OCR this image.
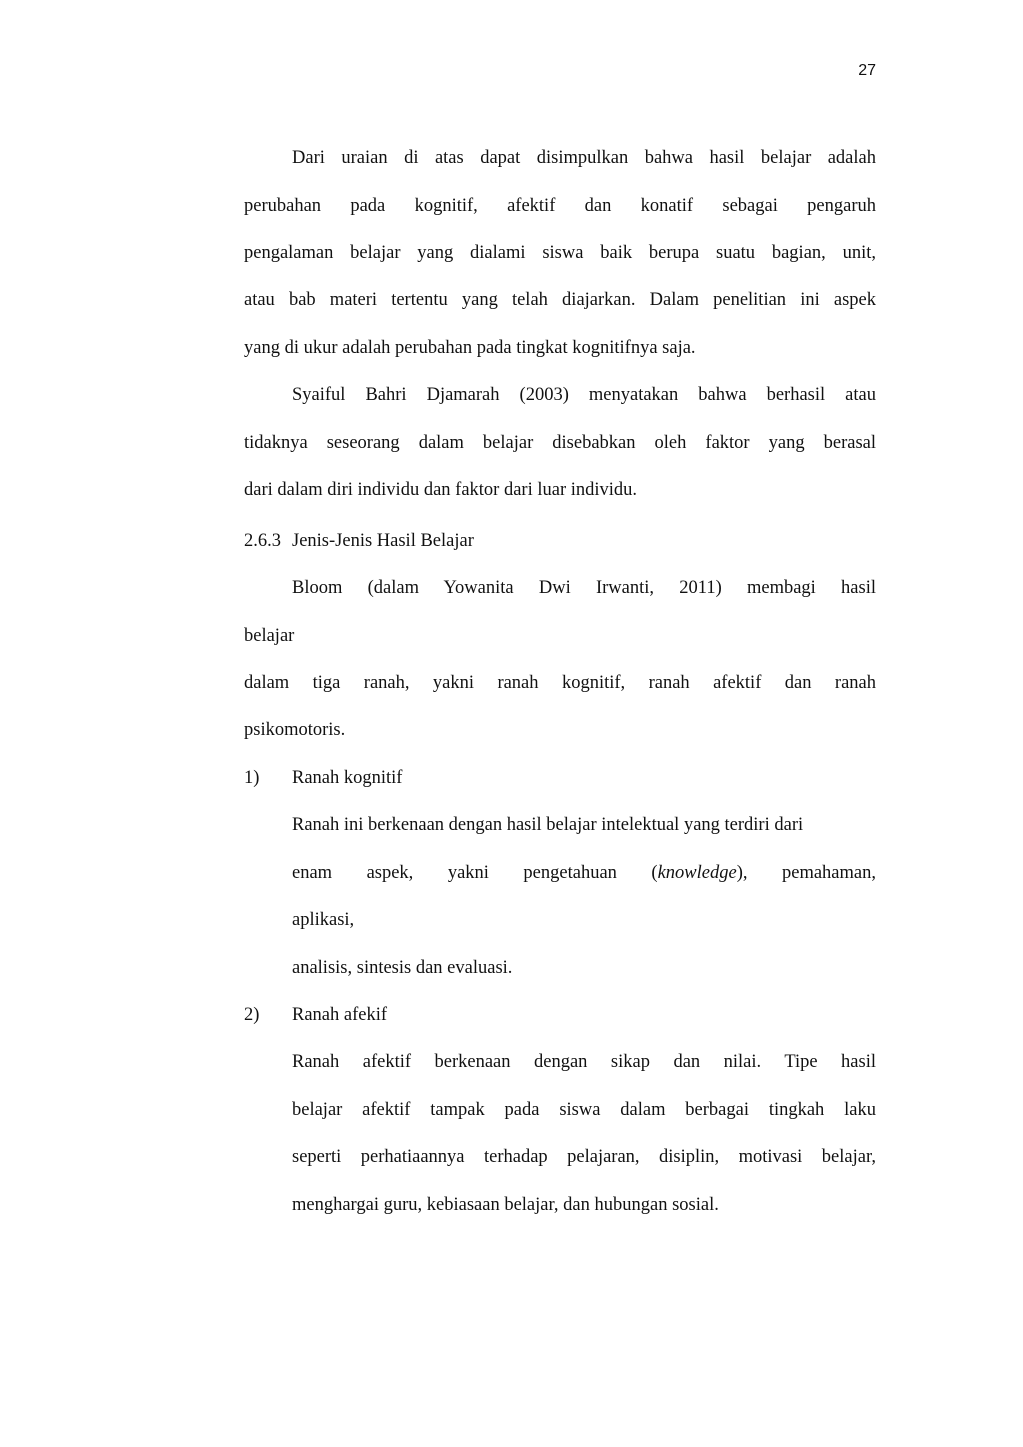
27
Dari uraian di atas dapat disimpulkan bahwa hasil belajar adalah
perubahan pada kognitif, afektif dan konatif sebagai pengaruh
pengalaman belajar yang dialami siswa baik berupa suatu bagian, unit,
atau bab materi tertentu yang telah diajarkan. Dalam penelitian ini aspek
yang di ukur adalah perubahan pada tingkat kognitifnya saja.
Syaiful Bahri Djamarah (2003) menyatakan bahwa berhasil atau
tidaknya seseorang dalam belajar disebabkan oleh faktor yang berasal
dari dalam diri individu dan faktor dari luar individu.
2.6.3 Jenis-Jenis Hasil Belajar
Bloom (dalam Yowanita Dwi Irwanti, 2011) membagi hasil
belajar
dalam tiga ranah, yakni ranah kognitif, ranah afektif dan ranah
psikomotoris.
1) Ranah kognitif
Ranah ini berkenaan dengan hasil belajar intelektual yang terdiri dari
enam aspek, yakni pengetahuan (knowledge), pemahaman,
aplikasi,
analisis, sintesis dan evaluasi.
2) Ranah afekif
Ranah afektif berkenaan dengan sikap dan nilai. Tipe hasil
belajar afektif tampak pada siswa dalam berbagai tingkah laku
seperti perhatiaannya terhadap pelajaran, disiplin, motivasi belajar,
menghargai guru, kebiasaan belajar, dan hubungan sosial.
